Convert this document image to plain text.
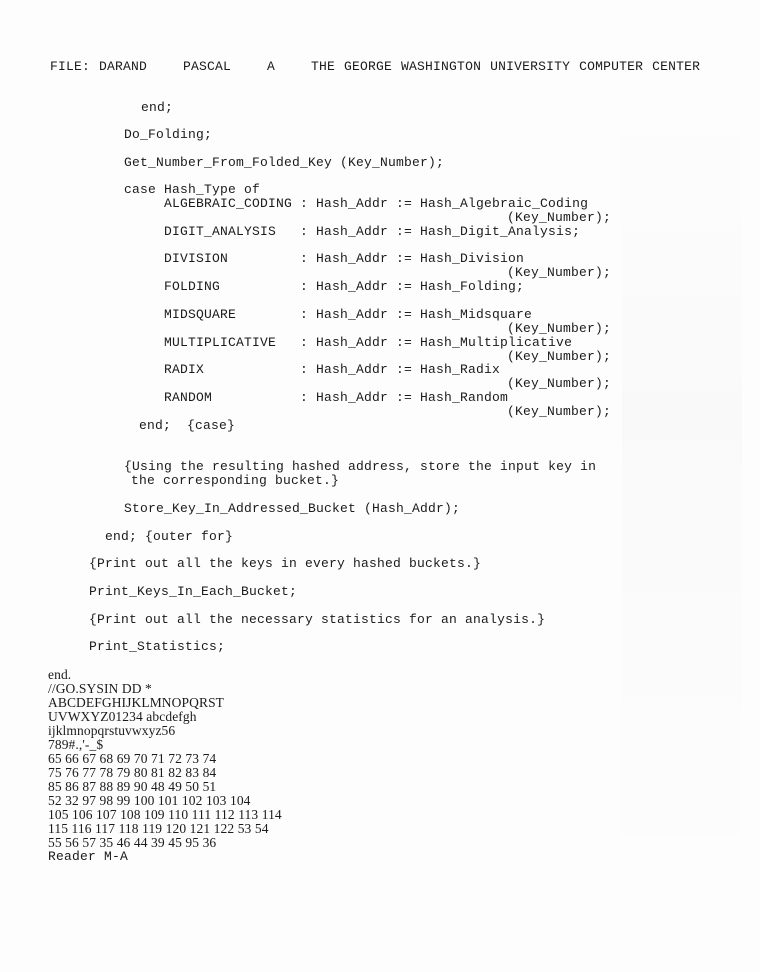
FILE: DARAND    PASCAL    A    THE GEORGE WASHINGTON UNIVERSITY COMPUTER CENTER
end;
Do_Folding;
Get_Number_From_Folded_Key (Key_Number);
case Hash_Type of
ALGEBRAIC_CODING : Hash_Addr := Hash_Algebraic_Coding
(Key_Number);
DIGIT_ANALYSIS   : Hash_Addr := Hash_Digit_Analysis;
DIVISION         : Hash_Addr := Hash_Division
(Key_Number);
FOLDING          : Hash_Addr := Hash_Folding;
MIDSQUARE        : Hash_Addr := Hash_Midsquare
(Key_Number);
MULTIPLICATIVE   : Hash_Addr := Hash_Multiplicative
(Key_Number);
RADIX            : Hash_Addr := Hash_Radix
(Key_Number);
RANDOM           : Hash_Addr := Hash_Random
(Key_Number);
end;  {case}
{Using the resulting hashed address, store the input key in
the corresponding bucket.}
Store_Key_In_Addressed_Bucket (Hash_Addr);
end; {outer for}
{Print out all the keys in every hashed buckets.}
Print_Keys_In_Each_Bucket;
{Print out all the necessary statistics for an analysis.}
Print_Statistics;
end.
//GO.SYSIN DD *
ABCDEFGHIJKLMNOPQRST
UVWXYZ01234 abcdefgh
ijklmnopqrstuvwxyz56
789#.,'-_$
65 66 67 68 69 70 71 72 73 74
75 76 77 78 79 80 81 82 83 84
85 86 87 88 89 90 48 49 50 51
52 32 97 98 99 100 101 102 103 104
105 106 107 108 109 110 111 112 113 114
115 116 117 118 119 120 121 122 53 54
55 56 57 35 46 44 39 45 95 36
Reader M-A
